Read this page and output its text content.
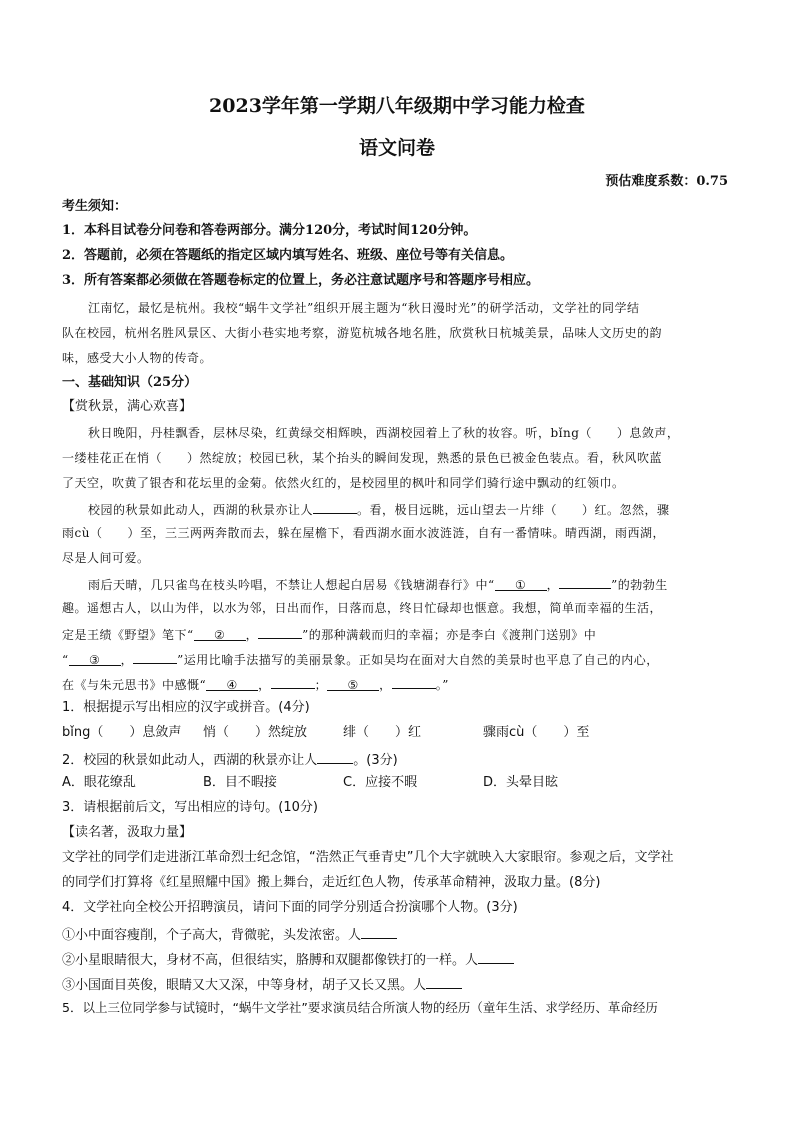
2023学年第一学期八年级期中学习能力检查
语文问卷
预估难度系数：0.75
考生须知：
1．本科目试卷分问卷和答卷两部分。满分120分，考试时间120分钟。
2．答题前，必须在答题纸的指定区域内填写姓名、班级、座位号等有关信息。
3．所有答案都必须做在答题卷标定的位置上，务必注意试题序号和答题序号相应。
江南忆，最忆是杭州。我校“蜗牛文学社”组织开展主题为“秋日漫时光”的研学活动，文学社的同学结
队在校园，杭州名胜风景区、大街小巷实地考察，游览杭城各地名胜，欣赏秋日杭城美景，品味人文历史的韵
味，感受大小人物的传奇。
一、基础知识（25分）
【赏秋景，满心欢喜】
秋日晚阳，丹桂飘香，层林尽染，红黄绿交相辉映，西湖校园着上了秋的妆容。听，bǐng（　　）息敛声，
一缕桂花正在悄（　　）然绽放；校园已秋，某个抬头的瞬间发现，熟悉的景色已被金色装点。看，秋风吹蓝
了天空，吹黄了银杏和花坛里的金菊。依然火红的，是校园里的枫叶和同学们骑行途中飘动的红领巾。
校园的秋景如此动人，西湖的秋景亦让人	。看，极目远眺，远山望去一片绯（　　）红。忽然，骤
雨cù（　　）至，三三两两奔散而去，躲在屋檐下，看西湖水面水波涟涟，自有一番情味。晴西湖，雨西湖，
尽是人间可爱。
雨后天晴，几只雀鸟在枝头吟唱，不禁让人想起白居易《钱塘湖春行》中“ ① ，	”的勃勃生
趣。遥想古人，以山为伴，以水为邻，日出而作，日落而息，终日忙碌却也惬意。我想，简单而幸福的生活，
定是王绩《野望》笔下“ ② ，	”的那种满载而归的幸福；亦是李白《渡荆门送别》中
“ ③ ，	”运用比喻手法描写的美丽景象。正如吴均在面对大自然的美景时也平息了自己的内心，
在《与朱元思书》中感慨“ ④ ，	； ⑤ ，	。”
1．根据提示写出相应的汉字或拼音。(4分)
bǐng（　　）息敛声 悄（　　）然绽放	绯（　　）红	骤雨cù（　　）至
2．校园的秋景如此动人，西湖的秋景亦让人	。(3分)
A．眼花缭乱	B．目不暇接	C．应接不暇	D．头晕目眩
3．请根据前后文，写出相应的诗句。(10分)
【读名著，汲取力量】
文学社的同学们走进浙江革命烈士纪念馆，“浩然正气垂青史”几个大字就映入大家眼帘。参观之后，文学社
的同学们打算将《红星照耀中国》搬上舞台，走近红色人物，传承革命精神，汲取力量。(8分)
4．文学社向全校公开招聘演员，请问下面的同学分别适合扮演哪个人物。(3分)
①小中面容瘦削，个子高大，背微驼，头发浓密。人
②小星眼睛很大，身材不高，但很结实，胳膊和双腿都像铁打的一样。人
③小国面目英俊，眼睛又大又深，中等身材，胡子又长又黑。人
5．以上三位同学参与试镜时，“蜗牛文学社”要求演员结合所演人物的经历（童年生活、求学经历、革命经历
